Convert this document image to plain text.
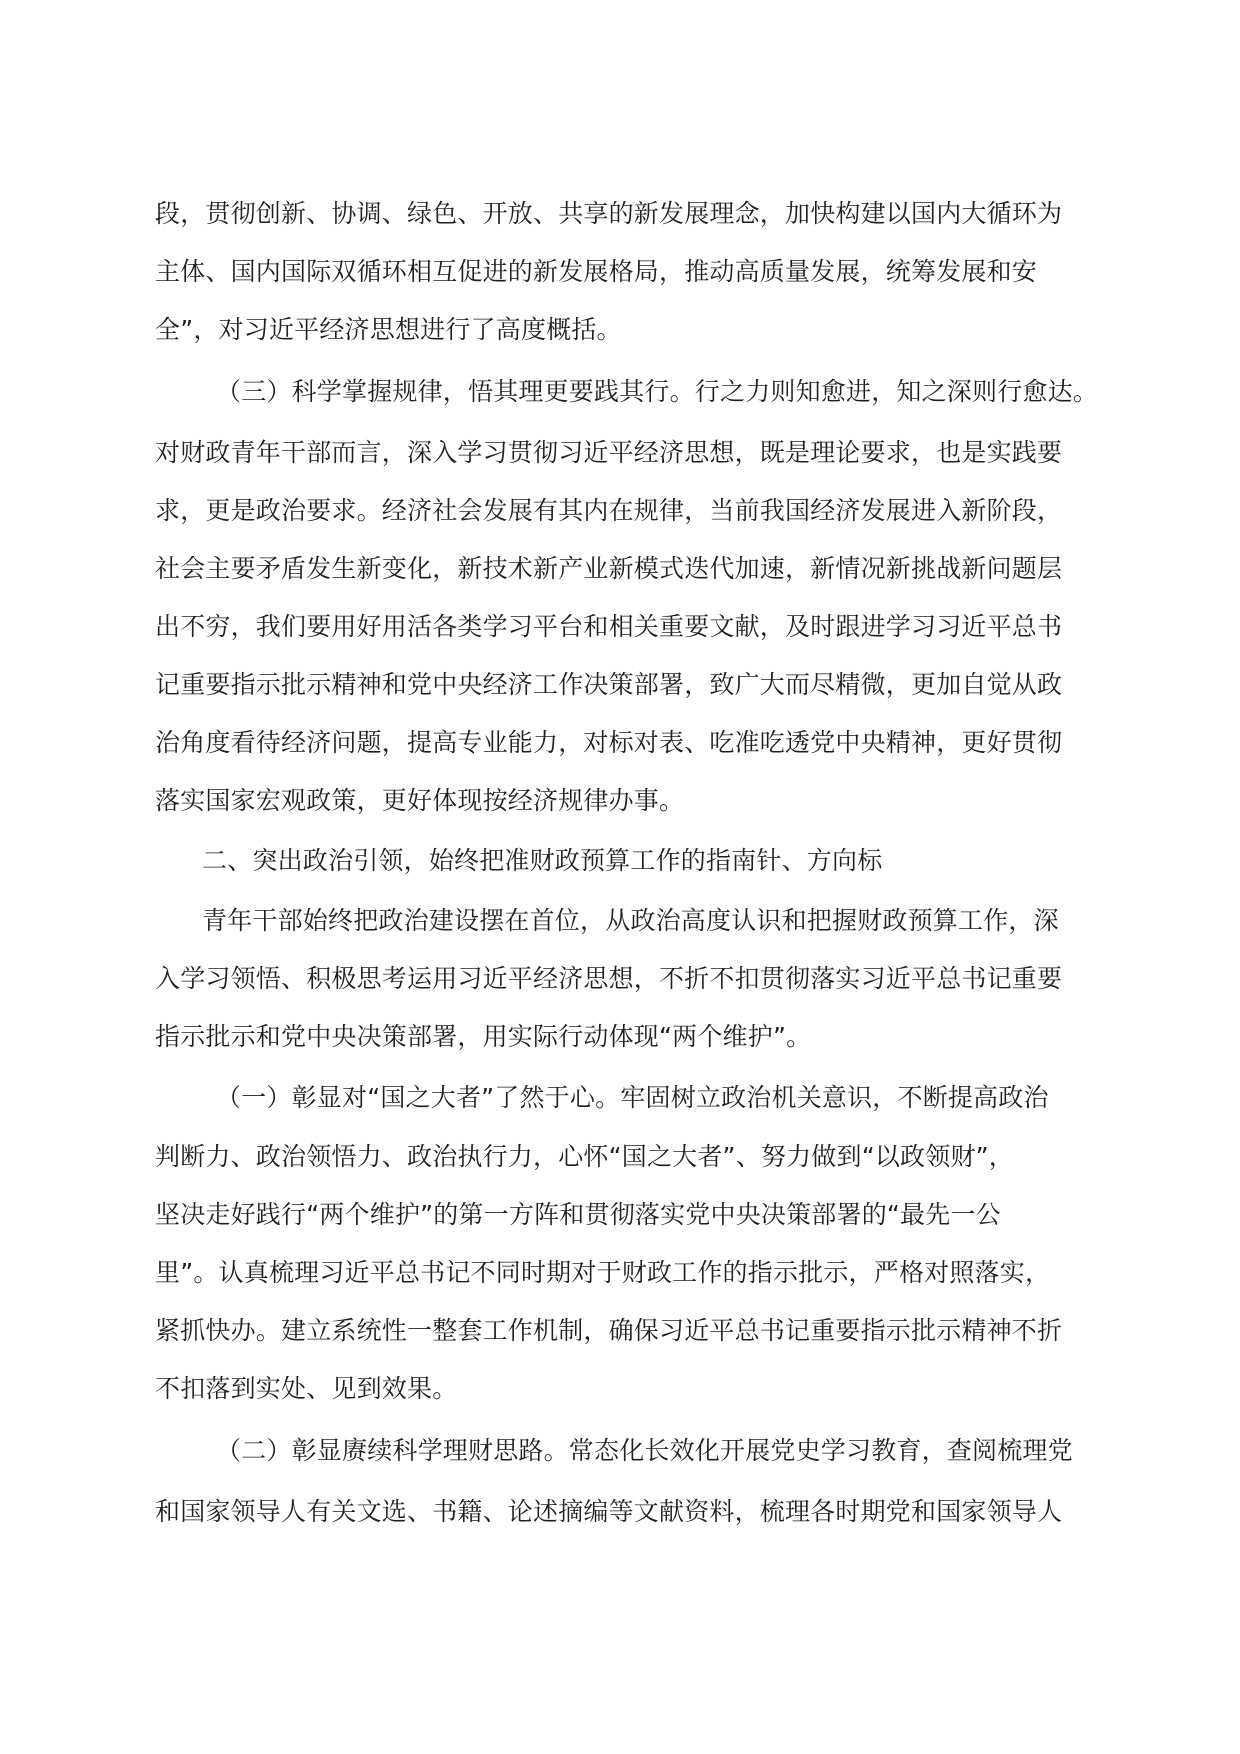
段，贯彻创新、协调、绿色、开放、共享的新发展理念，加快构建以国内大循环为
主体、国内国际双循环相互促进的新发展格局，推动高质量发展，统筹发展和安
全”，对习近平经济思想进行了高度概括。
（三）科学掌握规律，悟其理更要践其行。行之力则知愈进，知之深则行愈达。
对财政青年干部而言，深入学习贯彻习近平经济思想，既是理论要求，也是实践要
求，更是政治要求。经济社会发展有其内在规律，当前我国经济发展进入新阶段，
社会主要矛盾发生新变化，新技术新产业新模式迭代加速，新情况新挑战新问题层
出不穷，我们要用好用活各类学习平台和相关重要文献，及时跟进学习习近平总书
记重要指示批示精神和党中央经济工作决策部署，致广大而尽精微，更加自觉从政
治角度看待经济问题，提高专业能力，对标对表、吃准吃透党中央精神，更好贯彻
落实国家宏观政策，更好体现按经济规律办事。
二、突出政治引领，始终把准财政预算工作的指南针、方向标
青年干部始终把政治建设摆在首位，从政治高度认识和把握财政预算工作，深
入学习领悟、积极思考运用习近平经济思想，不折不扣贯彻落实习近平总书记重要
指示批示和党中央决策部署，用实际行动体现“两个维护”。
（一）彰显对“国之大者”了然于心。牢固树立政治机关意识，不断提高政治
判断力、政治领悟力、政治执行力，心怀“国之大者”、努力做到“以政领财”，
坚决走好践行“两个维护”的第一方阵和贯彻落实党中央决策部署的“最先一公
里”。认真梳理习近平总书记不同时期对于财政工作的指示批示，严格对照落实，
紧抓快办。建立系统性一整套工作机制，确保习近平总书记重要指示批示精神不折
不扣落到实处、见到效果。
（二）彰显赓续科学理财思路。常态化长效化开展党史学习教育，查阅梳理党
和国家领导人有关文选、书籍、论述摘编等文献资料，梳理各时期党和国家领导人
